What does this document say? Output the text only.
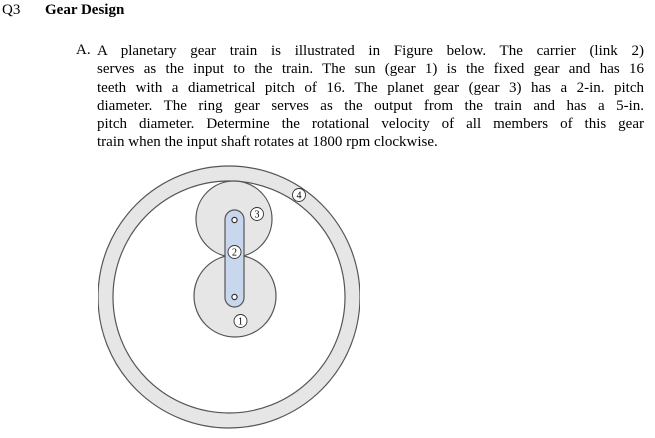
Q3 Gear Design
A. A planetary gear train is illustrated in Figure below. The carrier (link 2)
serves as the input to the train. The sun (gear 1) is the fixed gear and has 16
teeth with a diametrical pitch of 16. The planet gear (gear 3) has a 2-in. pitch
diameter. The ring gear serves as the output from the train and has a 5-in.
pitch diameter. Determine the rotational velocity of all members of this gear
train when the input shaft rotates at 1800 rpm clockwise.
3
2
1
4
